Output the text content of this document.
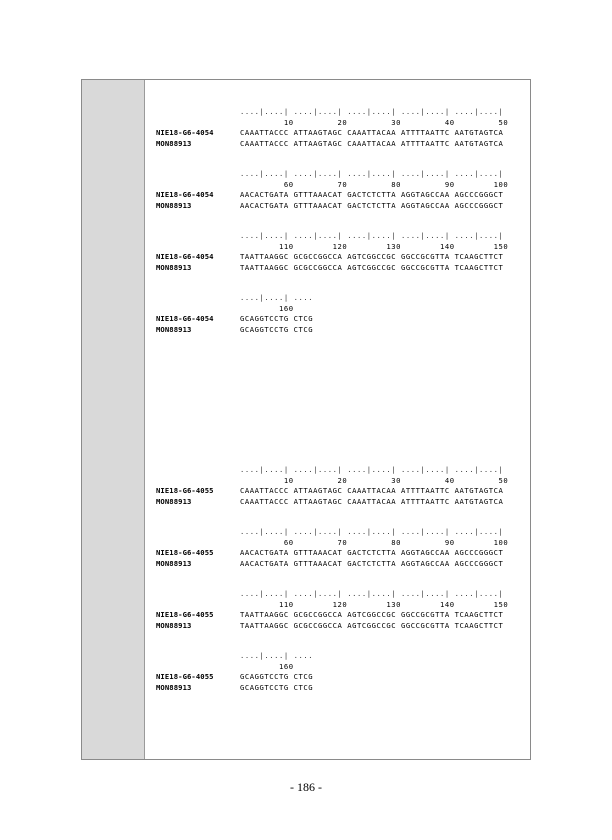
....|....| ....|....| ....|....| ....|....| ....|....|
10         20         30         40         50
NIE18-G6-4054	CAAATTACCC ATTAAGTAGC CAAATTACAA ATTTTAATTC AATGTAGTCA
MON88913	CAAATTACCC ATTAAGTAGC CAAATTACAA ATTTTAATTC AATGTAGTCA
....|....| ....|....| ....|....| ....|....| ....|....|
60         70         80         90        100
NIE18-G6-4054	AACACTGATA GTTTAAACAT GACTCTCTTA AGGTAGCCAA AGCCCGGGCT
MON88913	AACACTGATA GTTTAAACAT GACTCTCTTA AGGTAGCCAA AGCCCGGGCT
....|....| ....|....| ....|....| ....|....| ....|....|
110        120        130        140        150
NIE18-G6-4054	TAATTAAGGC GCGCCGGCCA AGTCGGCCGC GGCCGCGTTA TCAAGCTTCT
MON88913	TAATTAAGGC GCGCCGGCCA AGTCGGCCGC GGCCGCGTTA TCAAGCTTCT
....|....| ....
160
NIE18-G6-4054	GCAGGTCCTG CTCG
MON88913	GCAGGTCCTG CTCG
....|....| ....|....| ....|....| ....|....| ....|....|
10         20         30         40         50
NIE18-G6-4055	CAAATTACCC ATTAAGTAGC CAAATTACAA ATTTTAATTC AATGTAGTCA
MON88913	CAAATTACCC ATTAAGTAGC CAAATTACAA ATTTTAATTC AATGTAGTCA
....|....| ....|....| ....|....| ....|....| ....|....|
60         70         80         90        100
NIE18-G6-4055	AACACTGATA GTTTAAACAT GACTCTCTTA AGGTAGCCAA AGCCCGGGCT
MON88913	AACACTGATA GTTTAAACAT GACTCTCTTA AGGTAGCCAA AGCCCGGGCT
....|....| ....|....| ....|....| ....|....| ....|....|
110        120        130        140        150
NIE18-G6-4055	TAATTAAGGC GCGCCGGCCA AGTCGGCCGC GGCCGCGTTA TCAAGCTTCT
MON88913	TAATTAAGGC GCGCCGGCCA AGTCGGCCGC GGCCGCGTTA TCAAGCTTCT
....|....| ....
160
NIE18-G6-4055	GCAGGTCCTG CTCG
MON88913	GCAGGTCCTG CTCG
- 186 -
